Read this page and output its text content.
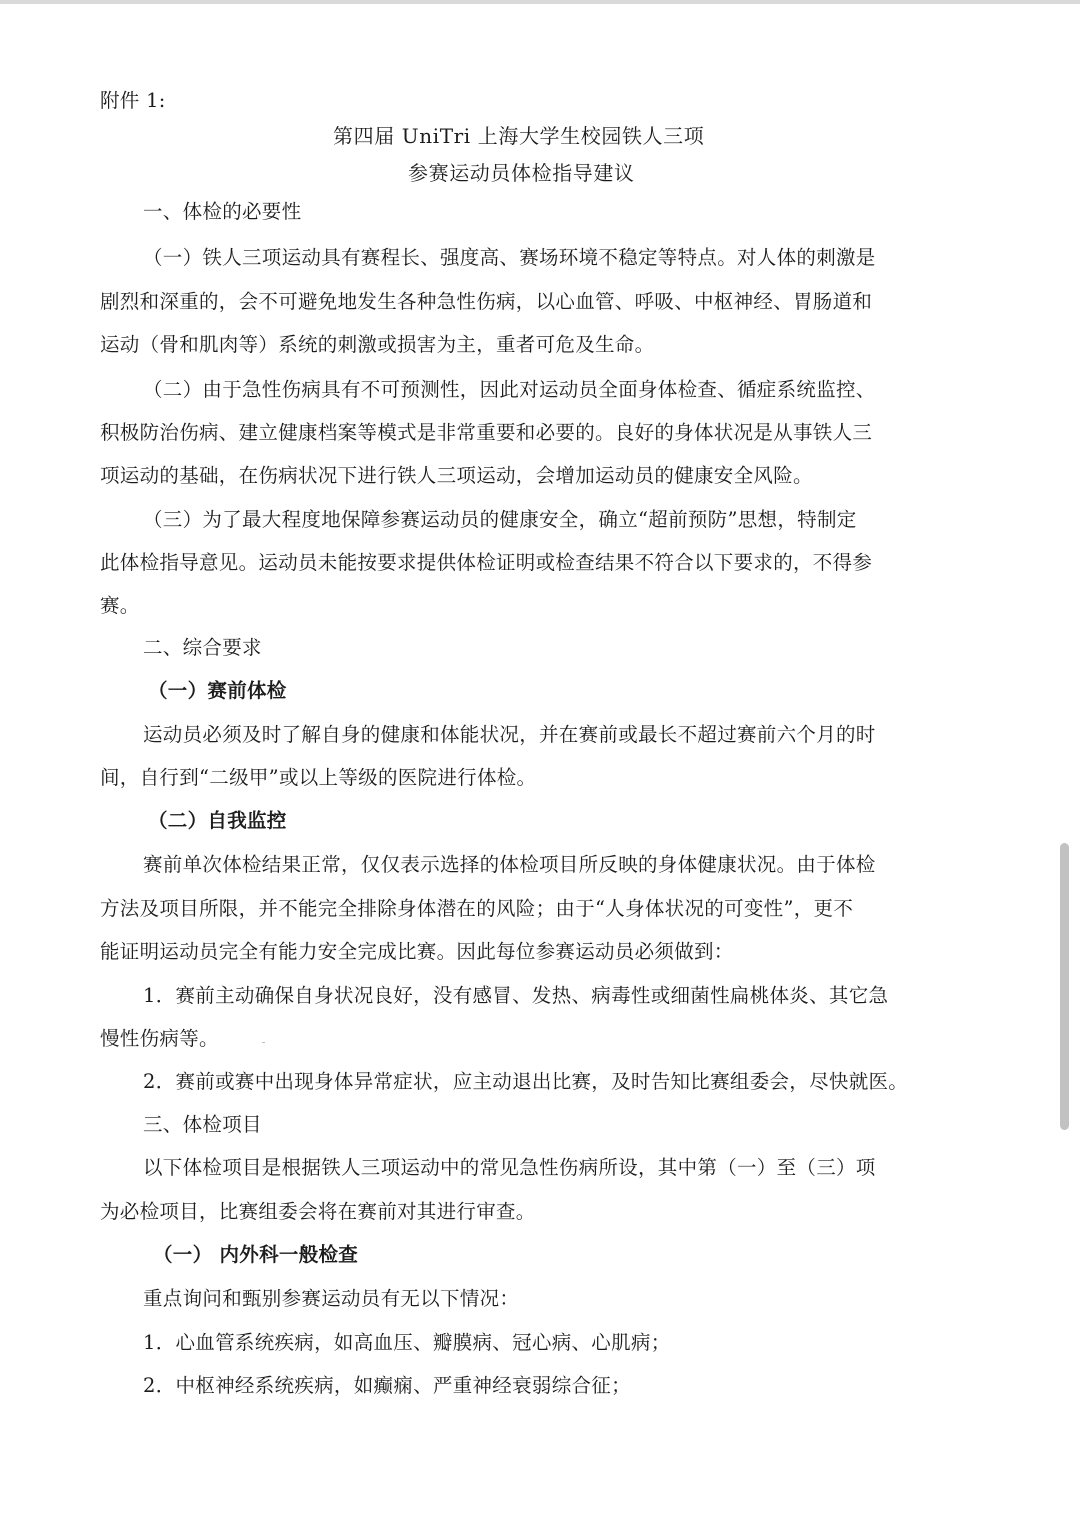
附件 1:
第四届 UniTri 上海大学生校园铁人三项
参赛运动员体检指导建议
一、体检的必要性
（一）铁人三项运动具有赛程长、强度高、赛场环境不稳定等特点。对人体的刺激是
剧烈和深重的，会不可避免地发生各种急性伤病，以心血管、呼吸、中枢神经、胃肠道和
运动（骨和肌肉等）系统的刺激或损害为主，重者可危及生命。
（二）由于急性伤病具有不可预测性，因此对运动员全面身体检查、循症系统监控、
积极防治伤病、建立健康档案等模式是非常重要和必要的。良好的身体状况是从事铁人三
项运动的基础，在伤病状况下进行铁人三项运动，会增加运动员的健康安全风险。
（三）为了最大程度地保障参赛运动员的健康安全，确立“超前预防”思想，特制定
此体检指导意见。运动员未能按要求提供体检证明或检查结果不符合以下要求的，不得参
赛。
二、综合要求
（一）赛前体检
运动员必须及时了解自身的健康和体能状况，并在赛前或最长不超过赛前六个月的时
间，自行到“二级甲”或以上等级的医院进行体检。
（二）自我监控
赛前单次体检结果正常，仅仅表示选择的体检项目所反映的身体健康状况。由于体检
方法及项目所限，并不能完全排除身体潜在的风险；由于“人身体状况的可变性”，更不
能证明运动员完全有能力安全完成比赛。因此每位参赛运动员必须做到：
1．赛前主动确保自身状况良好，没有感冒、发热、病毒性或细菌性扁桃体炎、其它急
慢性伤病等。
2．赛前或赛中出现身体异常症状，应主动退出比赛，及时告知比赛组委会，尽快就医。
三、体检项目
以下体检项目是根据铁人三项运动中的常见急性伤病所设，其中第（一）至（三）项
为必检项目，比赛组委会将在赛前对其进行审查。
（一） 内外科一般检查
重点询问和甄别参赛运动员有无以下情况：
1．心血管系统疾病，如高血压、瓣膜病、冠心病、心肌病；
2．中枢神经系统疾病，如癫痫、严重神经衰弱综合征；
